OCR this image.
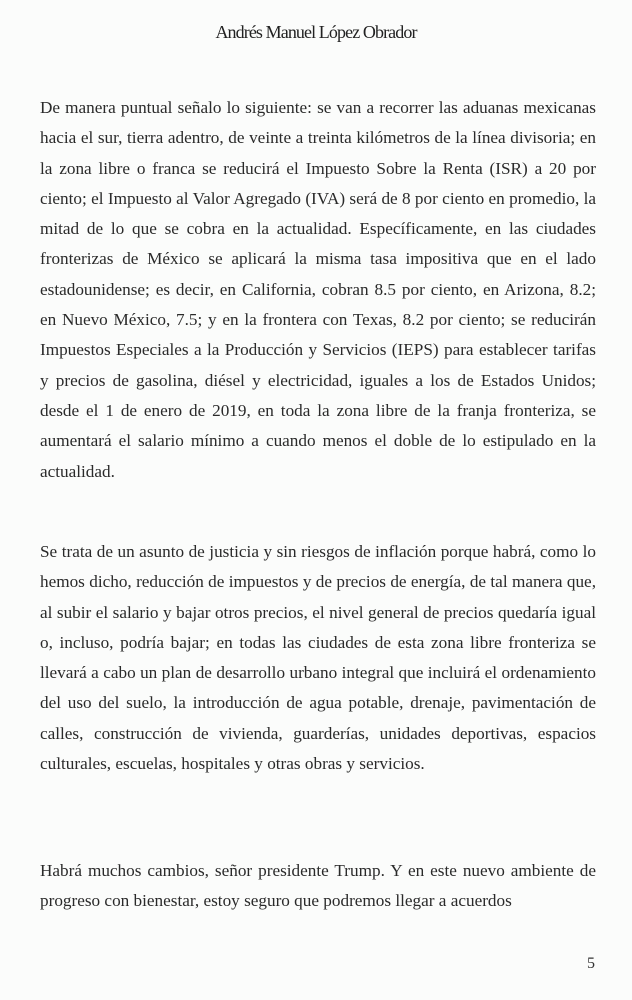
Andrés Manuel López Obrador

De manera puntual señalo lo siguiente: se van a recorrer las aduanas mexicanas hacia el sur, tierra adentro, de veinte a treinta kilómetros de la línea divisoria; en la zona libre o franca se reducirá el Impuesto Sobre la Renta (ISR) a 20 por ciento; el Impuesto al Valor Agregado (IVA) será de 8 por ciento en promedio, la mitad de lo que se cobra en la actualidad. Específicamente, en las ciudades fronterizas de México se aplicará la misma tasa impositiva que en el lado estadounidense; es decir, en California, cobran 8.5 por ciento, en Arizona, 8.2; en Nuevo México, 7.5; y en la frontera con Texas, 8.2 por ciento; se reducirán Impuestos Especiales a la Producción y Servicios (IEPS) para establecer tarifas y precios de gasolina, diésel y electricidad, iguales a los de Estados Unidos; desde el 1 de enero de 2019, en toda la zona libre de la franja fronteriza, se aumentará el salario mínimo a cuando menos el doble de lo estipulado en la actualidad.

Se trata de un asunto de justicia y sin riesgos de inflación porque habrá, como lo hemos dicho, reducción de impuestos y de precios de energía, de tal manera que, al subir el salario y bajar otros precios, el nivel general de precios quedaría igual o, incluso, podría bajar; en todas las ciudades de esta zona libre fronteriza se llevará a cabo un plan de desarrollo urbano integral que incluirá el ordenamiento del uso del suelo, la introducción de agua potable, drenaje, pavimentación de calles, construcción de vivienda, guarderías, unidades deportivas, espacios culturales, escuelas, hospitales y otras obras y servicios.

Habrá muchos cambios, señor presidente Trump. Y en este nuevo ambiente de progreso con bienestar, estoy seguro que podremos llegar a acuerdos

5
